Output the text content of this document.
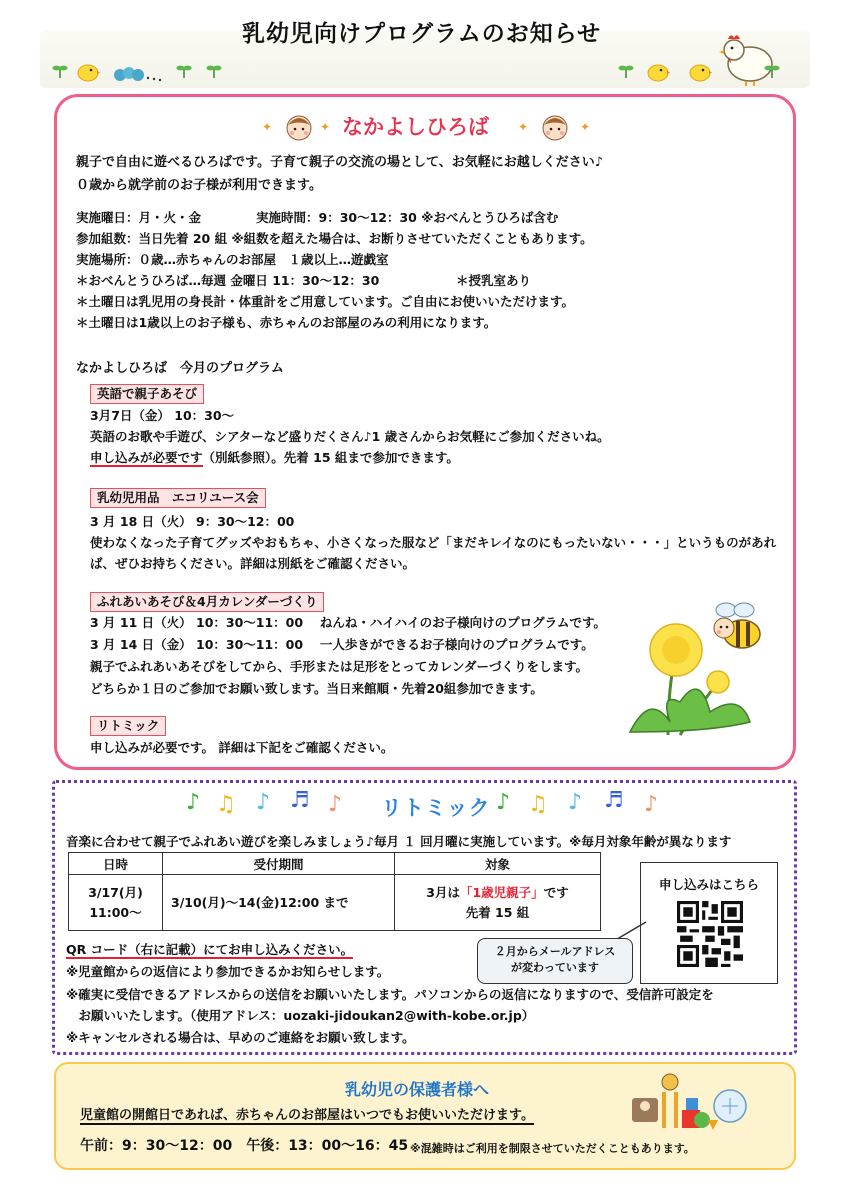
乳幼児向けプログラムのお知らせ
✦	✦ なかよしひろば ✦	✦
親子で自由に遊べるひろばです。子育て親子の交流の場として、お気軽にお越しください♪
０歳から就学前のお子様が利用できます。
実施曜日：月・火・金	実施時間：9：30～12：30 ※おべんとうひろば含む
参加組数：当日先着 20 組 ※組数を超えた場合は、お断りさせていただくこともあります。
実施場所：０歳…赤ちゃんのお部屋　１歳以上…遊戯室
＊おべんとうひろば…毎週 金曜日 11：30～12：30	＊授乳室あり
＊土曜日は乳児用の身長計・体重計をご用意しています。ご自由にお使いいただけます。
＊土曜日は1歳以上のお子様も、赤ちゃんのお部屋のみの利用になります。
なかよしひろば　今月のプログラム
英語で親子あそび
3月7日（金） 10：30～
英語のお歌や手遊び、シアターなど盛りだくさん♪1 歳さんからお気軽にご参加くださいね。
申し込みが必要です（別紙参照）。先着 15 組まで参加できます。
乳幼児用品　エコリユース会
3 月 18 日（火） 9：30～12：00
使わなくなった子育てグッズやおもちゃ、小さくなった服など「まだキレイなのにもったいない・・・」というものがあれ
ば、ぜひお持ちください。詳細は別紙をご確認ください。
ふれあいあそび＆4月カレンダーづくり
3 月 11 日（火） 10：30～11：00　 ねんね・ハイハイのお子様向けのプログラムです。
3 月 14 日（金） 10：30～11：00　 一人歩きができるお子様向けのプログラムです。
親子でふれあいあそびをしてから、手形または足形をとってカレンダーづくりをします。
どちらか１日のご参加でお願い致します。当日来館順・先着20組参加できます。
リトミック
申し込みが必要です。 詳細は下記をご確認ください。
♪ ♫ ♪ ♬ ♪ リトミック ♪ ♫ ♪ ♬ ♪
音楽に合わせて親子でふれあい遊びを楽しみましょう♪毎月 １ 回月曜に実施しています。※毎月対象年齢が異なります
日時	受付期間	対象
3/17(月)
11:00～	3/10(月)～14(金)12:00 まで	3月は「1歳児親子」です
先着 15 組
申し込みはこちら
２月からメールアドレス
が変わっています
QR コード（右に記載）にてお申し込みください。
※児童館からの返信により参加できるかお知らせします。
※確実に受信できるアドレスからの送信をお願いいたします。パソコンからの返信になりますので、受信許可設定を
　お願いいたします。（使用アドレス：uozaki-jidoukan2@with-kobe.or.jp）
※キャンセルされる場合は、早めのご連絡をお願い致します。
乳幼児の保護者様へ
児童館の開館日であれば、赤ちゃんのお部屋はいつでもお使いいただけます。
午前：9：30～12：00　午後：13：00～16：45 ※混雑時はご利用を制限させていただくこともあります。
